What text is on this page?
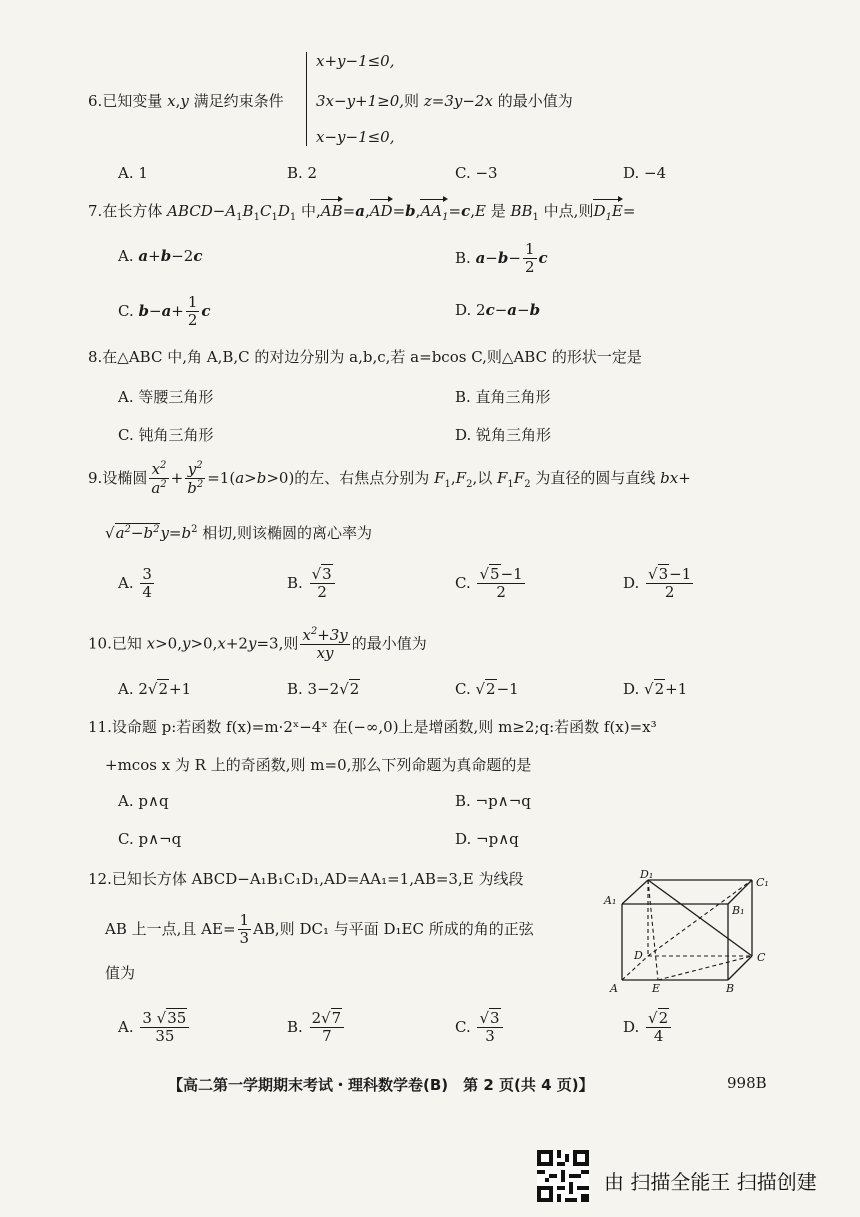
6.已知变量 x,y 满足约束条件
x+y−1≤0,
3x−y+1≥0,则 z=3y−2x 的最小值为
x−y−1≤0,
A. 1	B. 2	C. −3	D. −4
7.在长方体 $ABCD-A_1B_1C_1D_1$ 中$,AB=a,AD=b,AA_1=c,E$ 是 $BB_1$ 中点,则$D_1E=$
A. a+b−2c	B. $a-b- \frac{1}{2}$ c
C. $b-a+ \frac{1}{2}$ c	D. 2c−a−b
8.在△ABC 中,角 A,B,C 的对边分别为 a,b,c,若 a=bcos C,则△ABC 的形状一定是
A. 等腰三角形	B. 直角三角形
C. 钝角三角形	D. 锐角三角形
9.设椭圆 $\frac{x^2}{a^2} + \frac{y^2}{b^2} =1(a>b>0)$的左、右焦点分别为 $F_1,F_2$,以 $F_1F_2$ 为直径的圆与直线 bx+
$√a^2-b^2y=b^2$ 相切,则该椭圆的离心率为
A. $\frac{3}{4}$	B. $\frac{√3}{2}$	C. $\frac{√5-1}{2}$	D. $\frac{√3-1}{2}$
10.已知 x>0,y>0,x+2y=3,则 $\frac{x^2+3y}{xy}$ 的最小值为
A. 2√2+1	B. 3−2√2	C. √2−1	D. √2+1
11.设命题 p:若函数 f(x)=m·2ˣ−4ˣ 在(−∞,0)上是增函数,则 m≥2;q:若函数 f(x)=x³
+mcos x 为 R 上的奇函数,则 m=0,那么下列命题为真命题的是
A. p∧q	B. ¬p∧¬q
C. p∧¬q	D. ¬p∧q
12.已知长方体 ABCD−A₁B₁C₁D₁,AD=AA₁=1,AB=3,E 为线段
AB 上一点,且 $AE= \frac{1}{3}$ AB,则 DC₁ 与平面 D₁EC 所成的角的正弦
值为
A. $\frac{3 √35}{35}$	B. $\frac{2√7}{7}$	C. $\frac{√3}{3}$	D. $\frac{√2}{4}$
D₁
C₁
A₁
B₁
D	C
A	E	B
【高二第一学期期末考试・理科数学卷(B)　第 2 页(共 4 页)】	998B
由 扫描全能王 扫描创建
